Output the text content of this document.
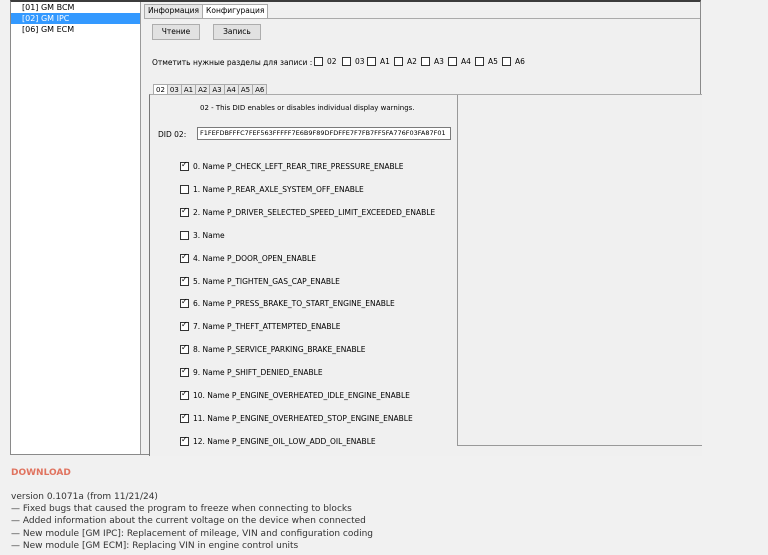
[01] GM BCM
[02] GM IPC
[06] GM ECM
Информация Конфигурация
Чтение	Запись
Отметить нужные разделы для записи : 02 03 A1 A2 A3 A4 A5 A6
02 03 A1 A2 A3 A4 A5 A6
02 - This DID enables or disables individual display warnings.
DID 02:	F1FEFDBFFFC7FEF563FFFFF7E6B9F89DFDFFE7F7FB7FF5FA776F03FA87F01
✓
0. Name P_CHECK_LEFT_REAR_TIRE_PRESSURE_ENABLE
1. Name P_REAR_AXLE_SYSTEM_OFF_ENABLE
✓
2. Name P_DRIVER_SELECTED_SPEED_LIMIT_EXCEEDED_ENABLE
3. Name
✓
4. Name P_DOOR_OPEN_ENABLE
✓
5. Name P_TIGHTEN_GAS_CAP_ENABLE
✓
6. Name P_PRESS_BRAKE_TO_START_ENGINE_ENABLE
✓
7. Name P_THEFT_ATTEMPTED_ENABLE
✓
8. Name P_SERVICE_PARKING_BRAKE_ENABLE
✓
9. Name P_SHIFT_DENIED_ENABLE
✓
10. Name P_ENGINE_OVERHEATED_IDLE_ENGINE_ENABLE
✓
11. Name P_ENGINE_OVERHEATED_STOP_ENGINE_ENABLE
✓
12. Name P_ENGINE_OIL_LOW_ADD_OIL_ENABLE
DOWNLOAD
version 0.1071a (from 11/21/24)
— Fixed bugs that caused the program to freeze when connecting to blocks
— Added information about the current voltage on the device when connected
— New module [GM IPC]: Replacement of mileage, VIN and configuration coding
— New module [GM ECM]: Replacing VIN in engine control units
